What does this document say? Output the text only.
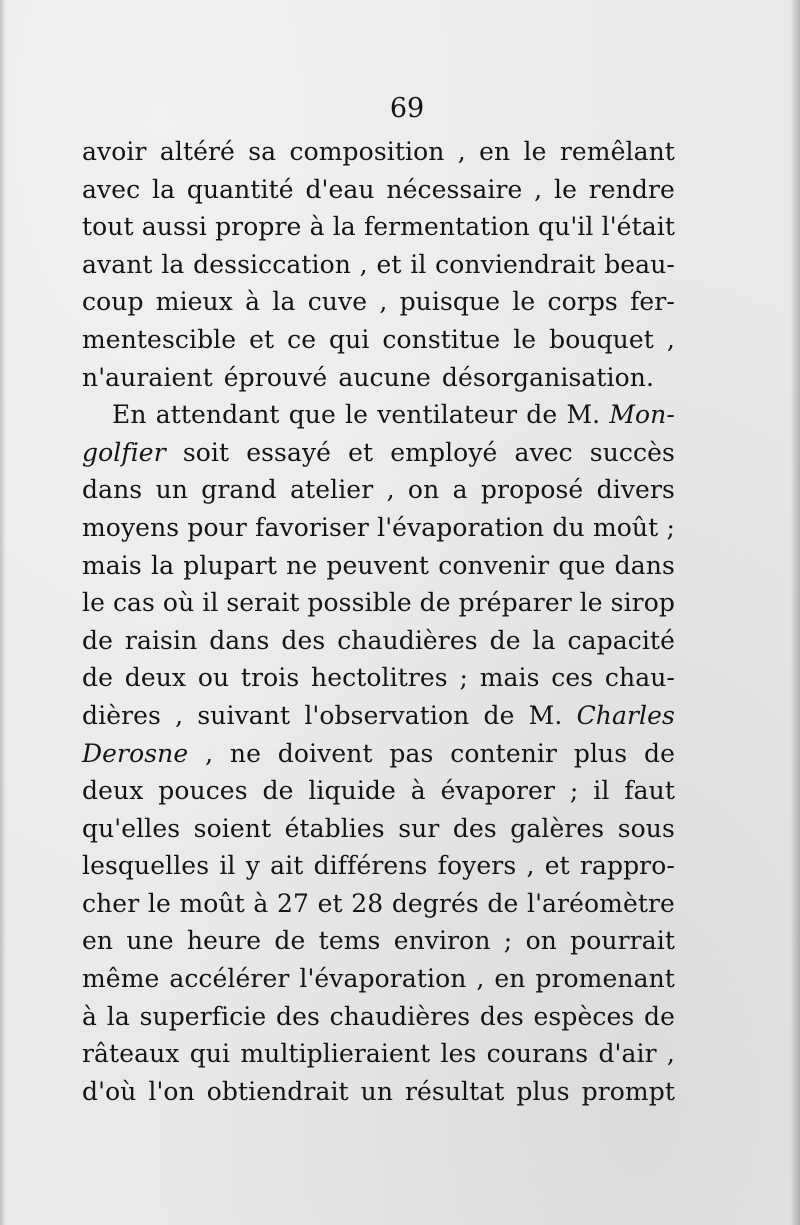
69
avoir altéré sa composition , en le remêlant
avec la quantité d'eau nécessaire , le rendre
tout aussi propre à la fermentation qu'il l'était
avant la dessiccation , et il conviendrait beau-
coup mieux à la cuve , puisque le corps fer-
mentescible et ce qui constitue le bouquet ,
n'auraient éprouvé aucune désorganisation.
En attendant que le ventilateur de M. Mon-
golfier soit essayé et employé avec succès
dans un grand atelier , on a proposé divers
moyens pour favoriser l'évaporation du moût ;
mais la plupart ne peuvent convenir que dans
le cas où il serait possible de préparer le sirop
de raisin dans des chaudières de la capacité
de deux ou trois hectolitres ; mais ces chau-
dières , suivant l'observation de M. Charles
Derosne , ne doivent pas contenir plus de
deux pouces de liquide à évaporer ; il faut
qu'elles soient établies sur des galères sous
lesquelles il y ait différens foyers , et rappro-
cher le moût à 27 et 28 degrés de l'aréomètre
en une heure de tems environ ; on pourrait
même accélérer l'évaporation , en promenant
à la superficie des chaudières des espèces de
râteaux qui multiplieraient les courans d'air ,
d'où l'on obtiendrait un résultat plus prompt
